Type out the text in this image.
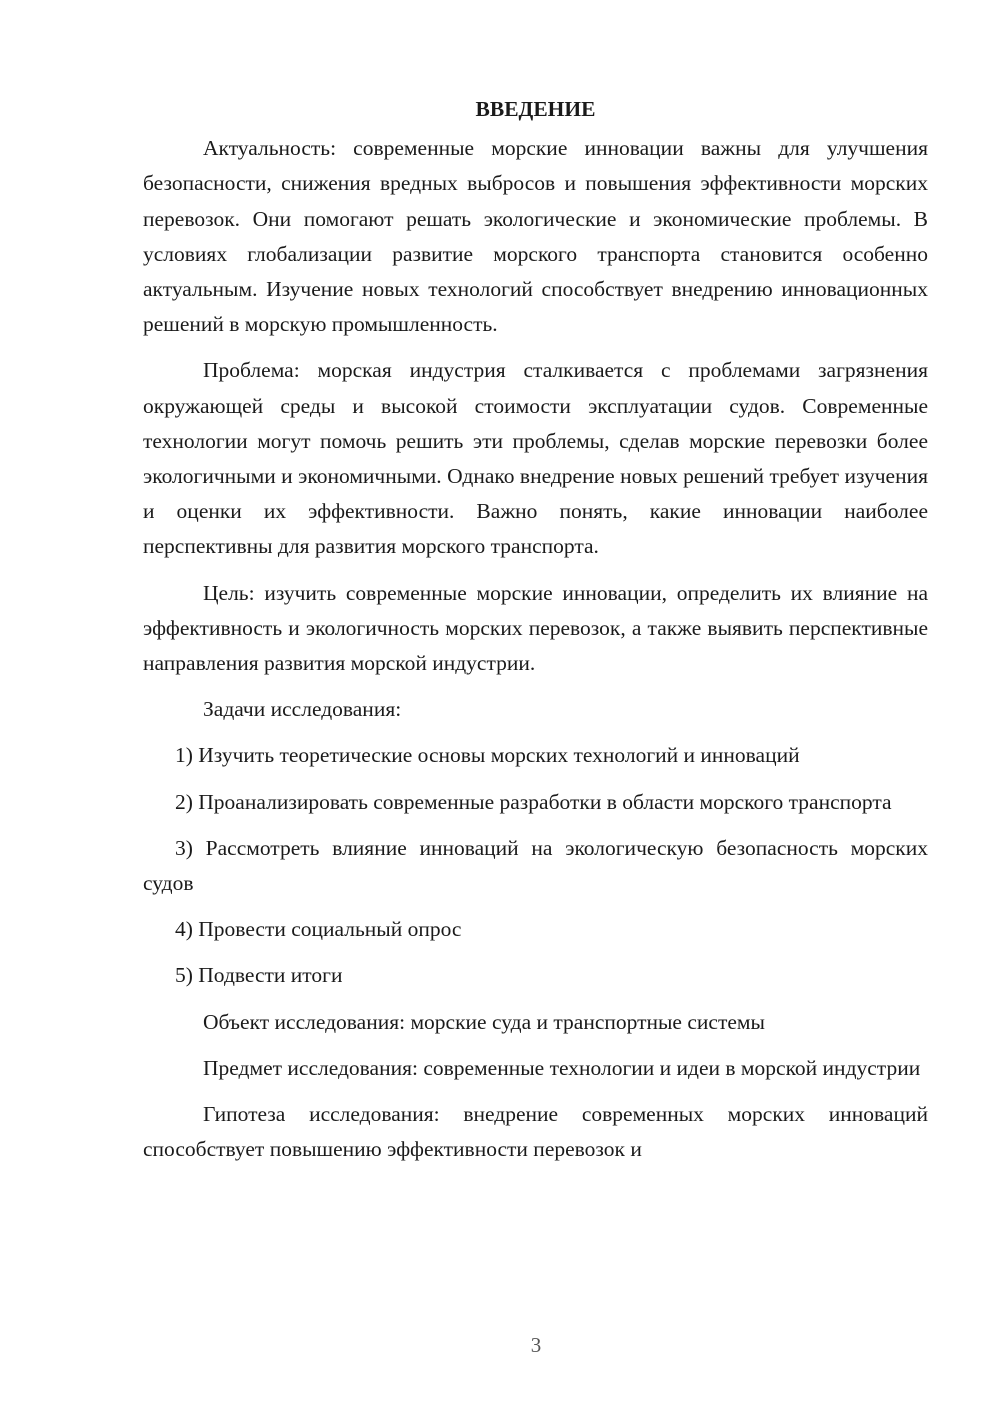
ВВЕДЕНИЕ

Актуальность: современные морские инновации важны для улучшения безопасности, снижения вредных выбросов и повышения эффективности морских перевозок. Они помогают решать экологические и экономические проблемы. В условиях глобализации развитие морского транспорта становится особенно актуальным. Изучение новых технологий способствует внедрению инновационных решений в морскую промышленность.

Проблема: морская индустрия сталкивается с проблемами загрязнения окружающей среды и высокой стоимости эксплуатации судов. Современные технологии могут помочь решить эти проблемы, сделав морские перевозки более экологичными и экономичными. Однако внедрение новых решений требует изучения и оценки их эффективности. Важно понять, какие инновации наиболее перспективны для развития морского транспорта.

Цель: изучить современные морские инновации, определить их влияние на эффективность и экологичность морских перевозок, а также выявить перспективные направления развития морской индустрии.

Задачи исследования:

1) Изучить теоретические основы морских технологий и инноваций

2) Проанализировать современные разработки в области морского транспорта

3) Рассмотреть влияние инноваций на экологическую безопасность морских судов

4) Провести социальный опрос

5) Подвести итоги

Объект исследования: морские суда и транспортные системы

Предмет исследования: современные технологии и идеи в морской индустрии

Гипотеза исследования: внедрение современных морских инноваций способствует повышению эффективности перевозок и

3
